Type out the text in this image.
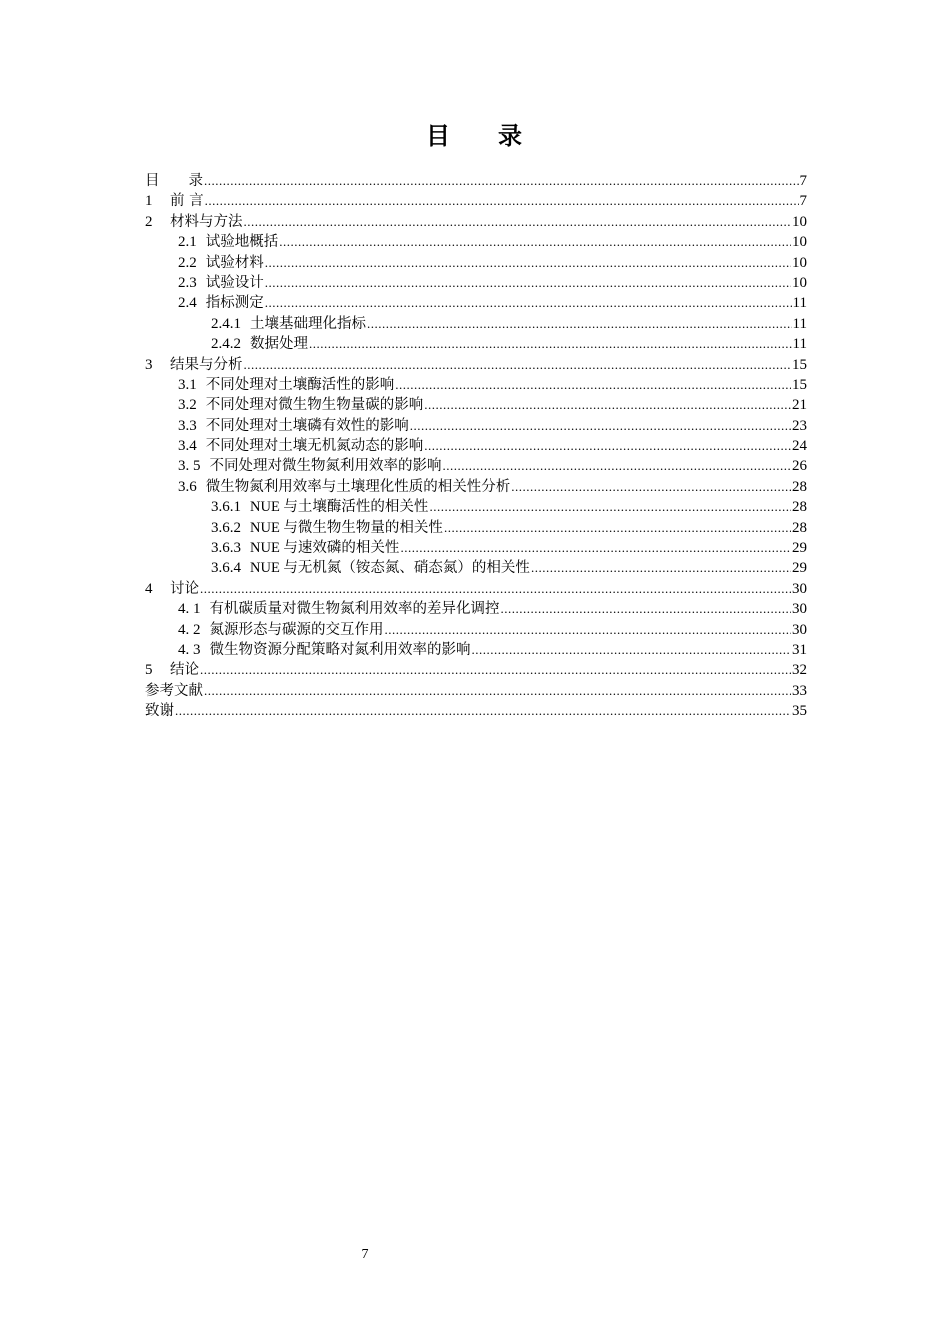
目 录
目　　录 .....	7
1	前 言 .....	7
2	材料与方法 .....	10
2.1 试验地概括 .....	10
2.2 试验材料 .....	10
2.3 试验设计 .....	10
2.4 指标测定 .....	11
2.4.1 土壤基础理化指标 .....	11
2.4.2 数据处理 .....	11
3	结果与分析 .....	15
3.1 不同处理对土壤酶活性的影响 .....	15
3.2 不同处理对微生物生物量碳的影响 .....	21
3.3 不同处理对土壤磷有效性的影响 .....	23
3.4 不同处理对土壤无机氮动态的影响 .....	24
3. 5 不同处理对微生物氮利用效率的影响 .....	26
3.6 微生物氮利用效率与土壤理化性质的相关性分析 .....	28
3.6.1 NUE 与土壤酶活性的相关性 .....	28
3.6.2 NUE 与微生物生物量的相关性 .....	28
3.6.3 NUE 与速效磷的相关性 .....	29
3.6.4 NUE 与无机氮（铵态氮、硝态氮）的相关性 .....	29
4	讨论 .....	30
4. 1 有机碳质量对微生物氮利用效率的差异化调控 .....	30
4. 2 氮源形态与碳源的交互作用 .....	30
4. 3 微生物资源分配策略对氮利用效率的影响 .....	31
5	结论 .....	32
参考文献 .....	33
致谢 .....	35
7
